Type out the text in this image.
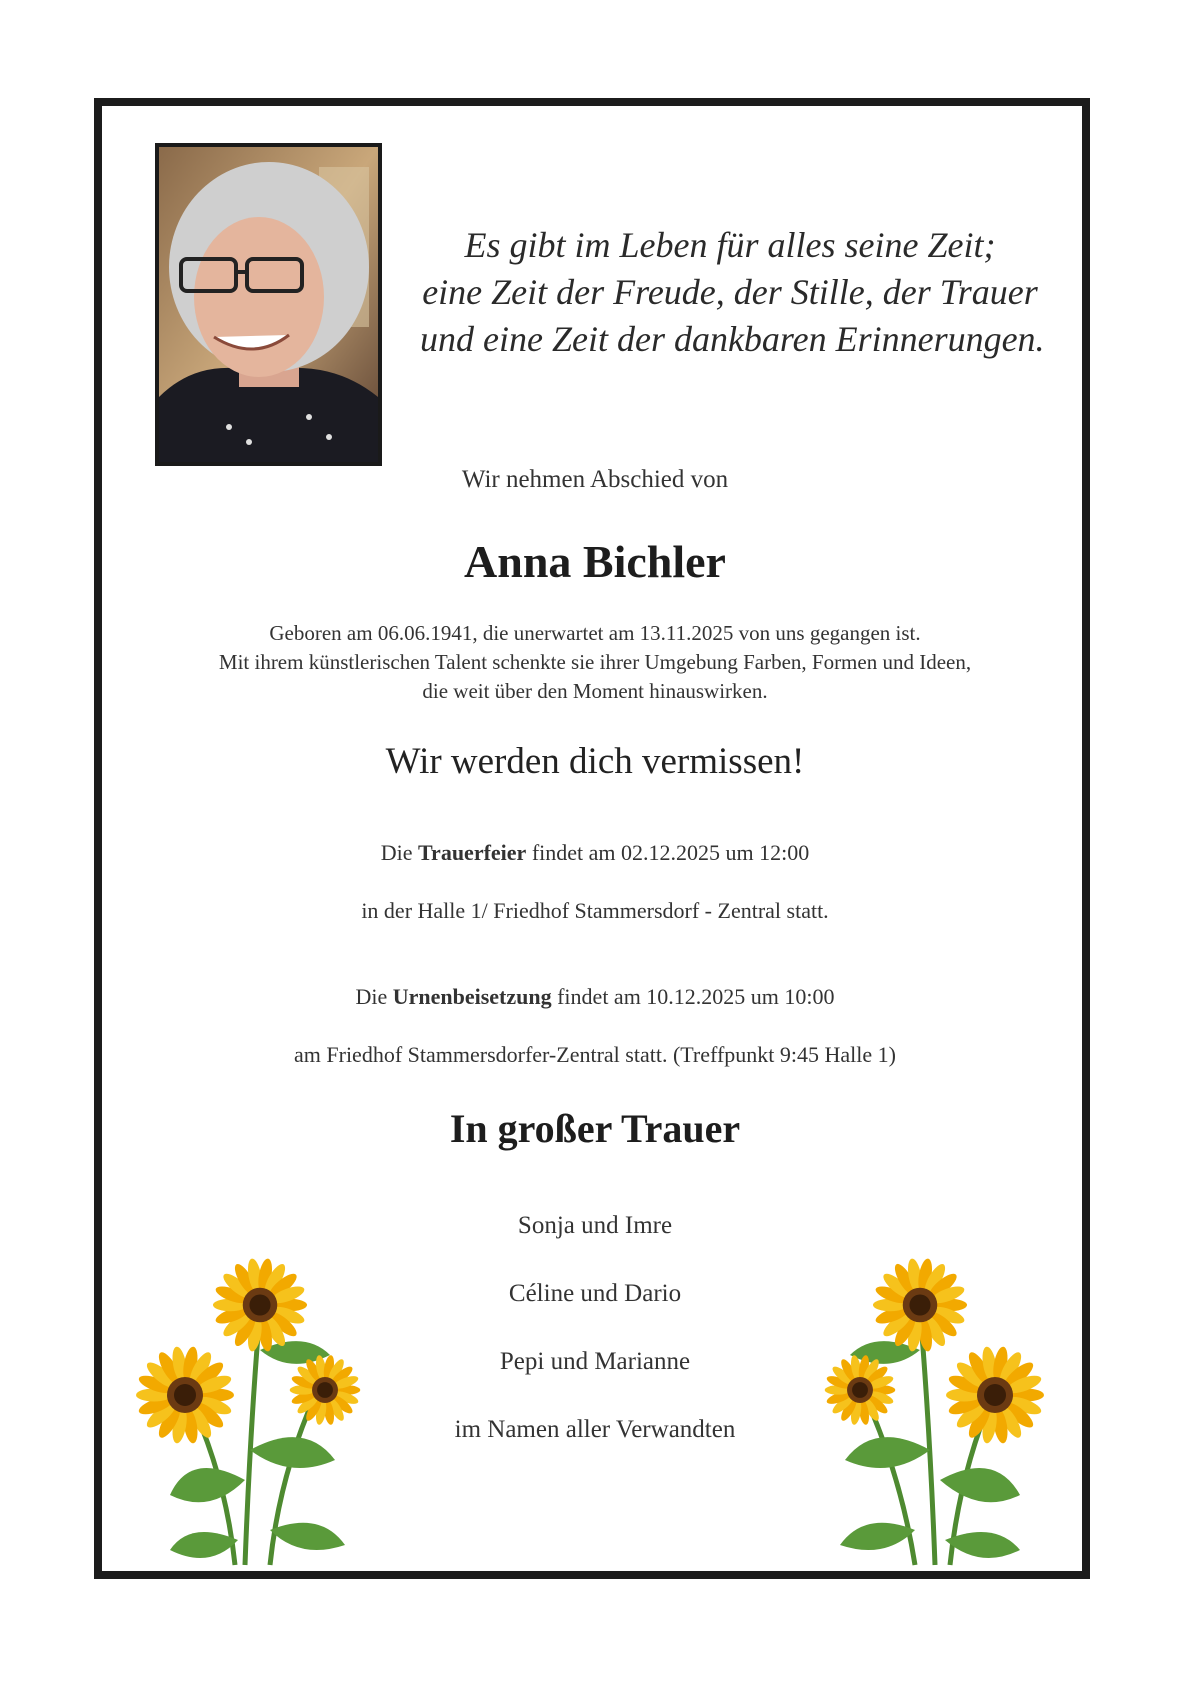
Es gibt im Leben für alles seine Zeit;
eine Zeit der Freude, der Stille, der Trauer
und eine Zeit der dankbaren Erinnerungen.
Wir nehmen Abschied von
Anna Bichler
Geboren am 06.06.1941, die unerwartet am 13.11.2025 von uns gegangen ist.
Mit ihrem künstlerischen Talent schenkte sie ihrer Umgebung Farben, Formen und Ideen,
die weit über den Moment hinauswirken.
Wir werden dich vermissen!
Die Trauerfeier findet am 02.12.2025 um 12:00
in der Halle 1/ Friedhof Stammersdorf - Zentral statt.
Die Urnenbeisetzung findet am 10.12.2025 um 10:00
am Friedhof Stammersdorfer-Zentral statt. (Treffpunkt 9:45 Halle 1)
In großer Trauer
Sonja und Imre
Céline und Dario
Pepi und Marianne
im Namen aller Verwandten
